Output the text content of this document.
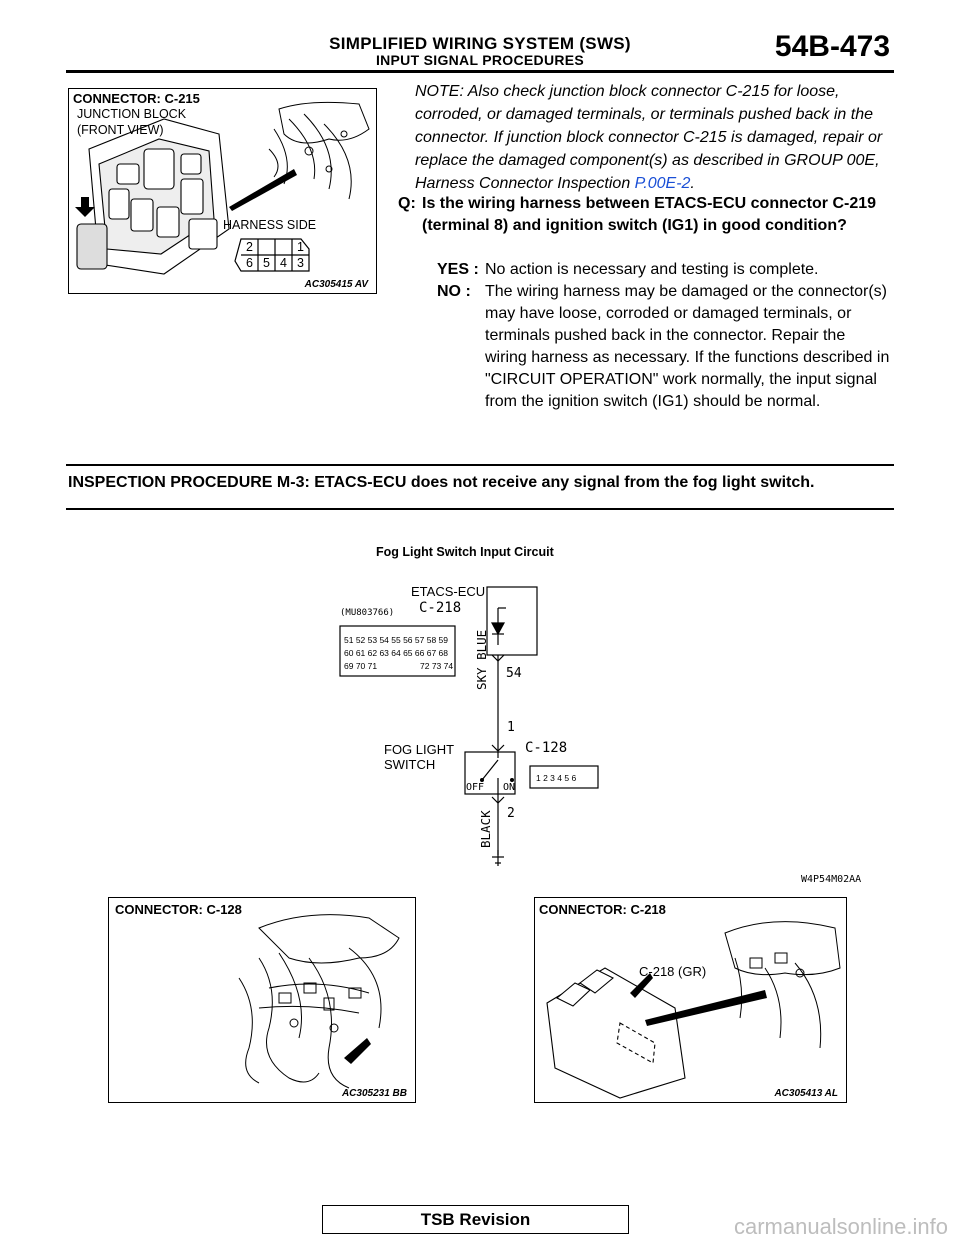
SIMPLIFIED WIRING SYSTEM (SWS)
INPUT SIGNAL PROCEDURES	54B-473
CONNECTOR: C-215
JUNCTION BLOCK
(FRONT VIEW)
HARNESS SIDE
2	1
6 5 4 3
AC305415 AV
NOTE: Also check junction block connector C-215 for loose, corroded, or damaged terminals, or terminals pushed back in the connector. If junction block connector C-215 is damaged, repair or replace the damaged component(s) as described in GROUP 00E, Harness Connector Inspection P.00E-2.
Q: Is the wiring harness between ETACS-ECU connector C-219 (terminal 8) and ignition switch (IG1) in good condition?
YES : No action is necessary and testing is complete.
NO : The wiring harness may be damaged or the connector(s) may have loose, corroded or damaged terminals, or terminals pushed back in the connector. Repair the wiring harness as necessary. If the functions described in "CIRCUIT OPERATION" work normally, the input signal from the ignition switch (IG1) should be normal.
INSPECTION PROCEDURE M-3: ETACS-ECU does not receive any signal from the fog light switch.
Fog Light Switch Input Circuit
51 52 53 54 55 56 57 58 59
60 61 62 63 64 65 66 67 68
69 70 71	72 73 74
1 2 3 4 5 6
ETACS-ECU
C-218
(MU803766)
54
SKY BLUE
1
C-128
FOG LIGHT
SWITCH
OFF ON
2
BLACK
W4P54M02AA
CONNECTOR: C-128
AC305231 BB
CONNECTOR: C-218
C-218 (GR)
AC305413 AL
TSB Revision	carmanualsonline.info
